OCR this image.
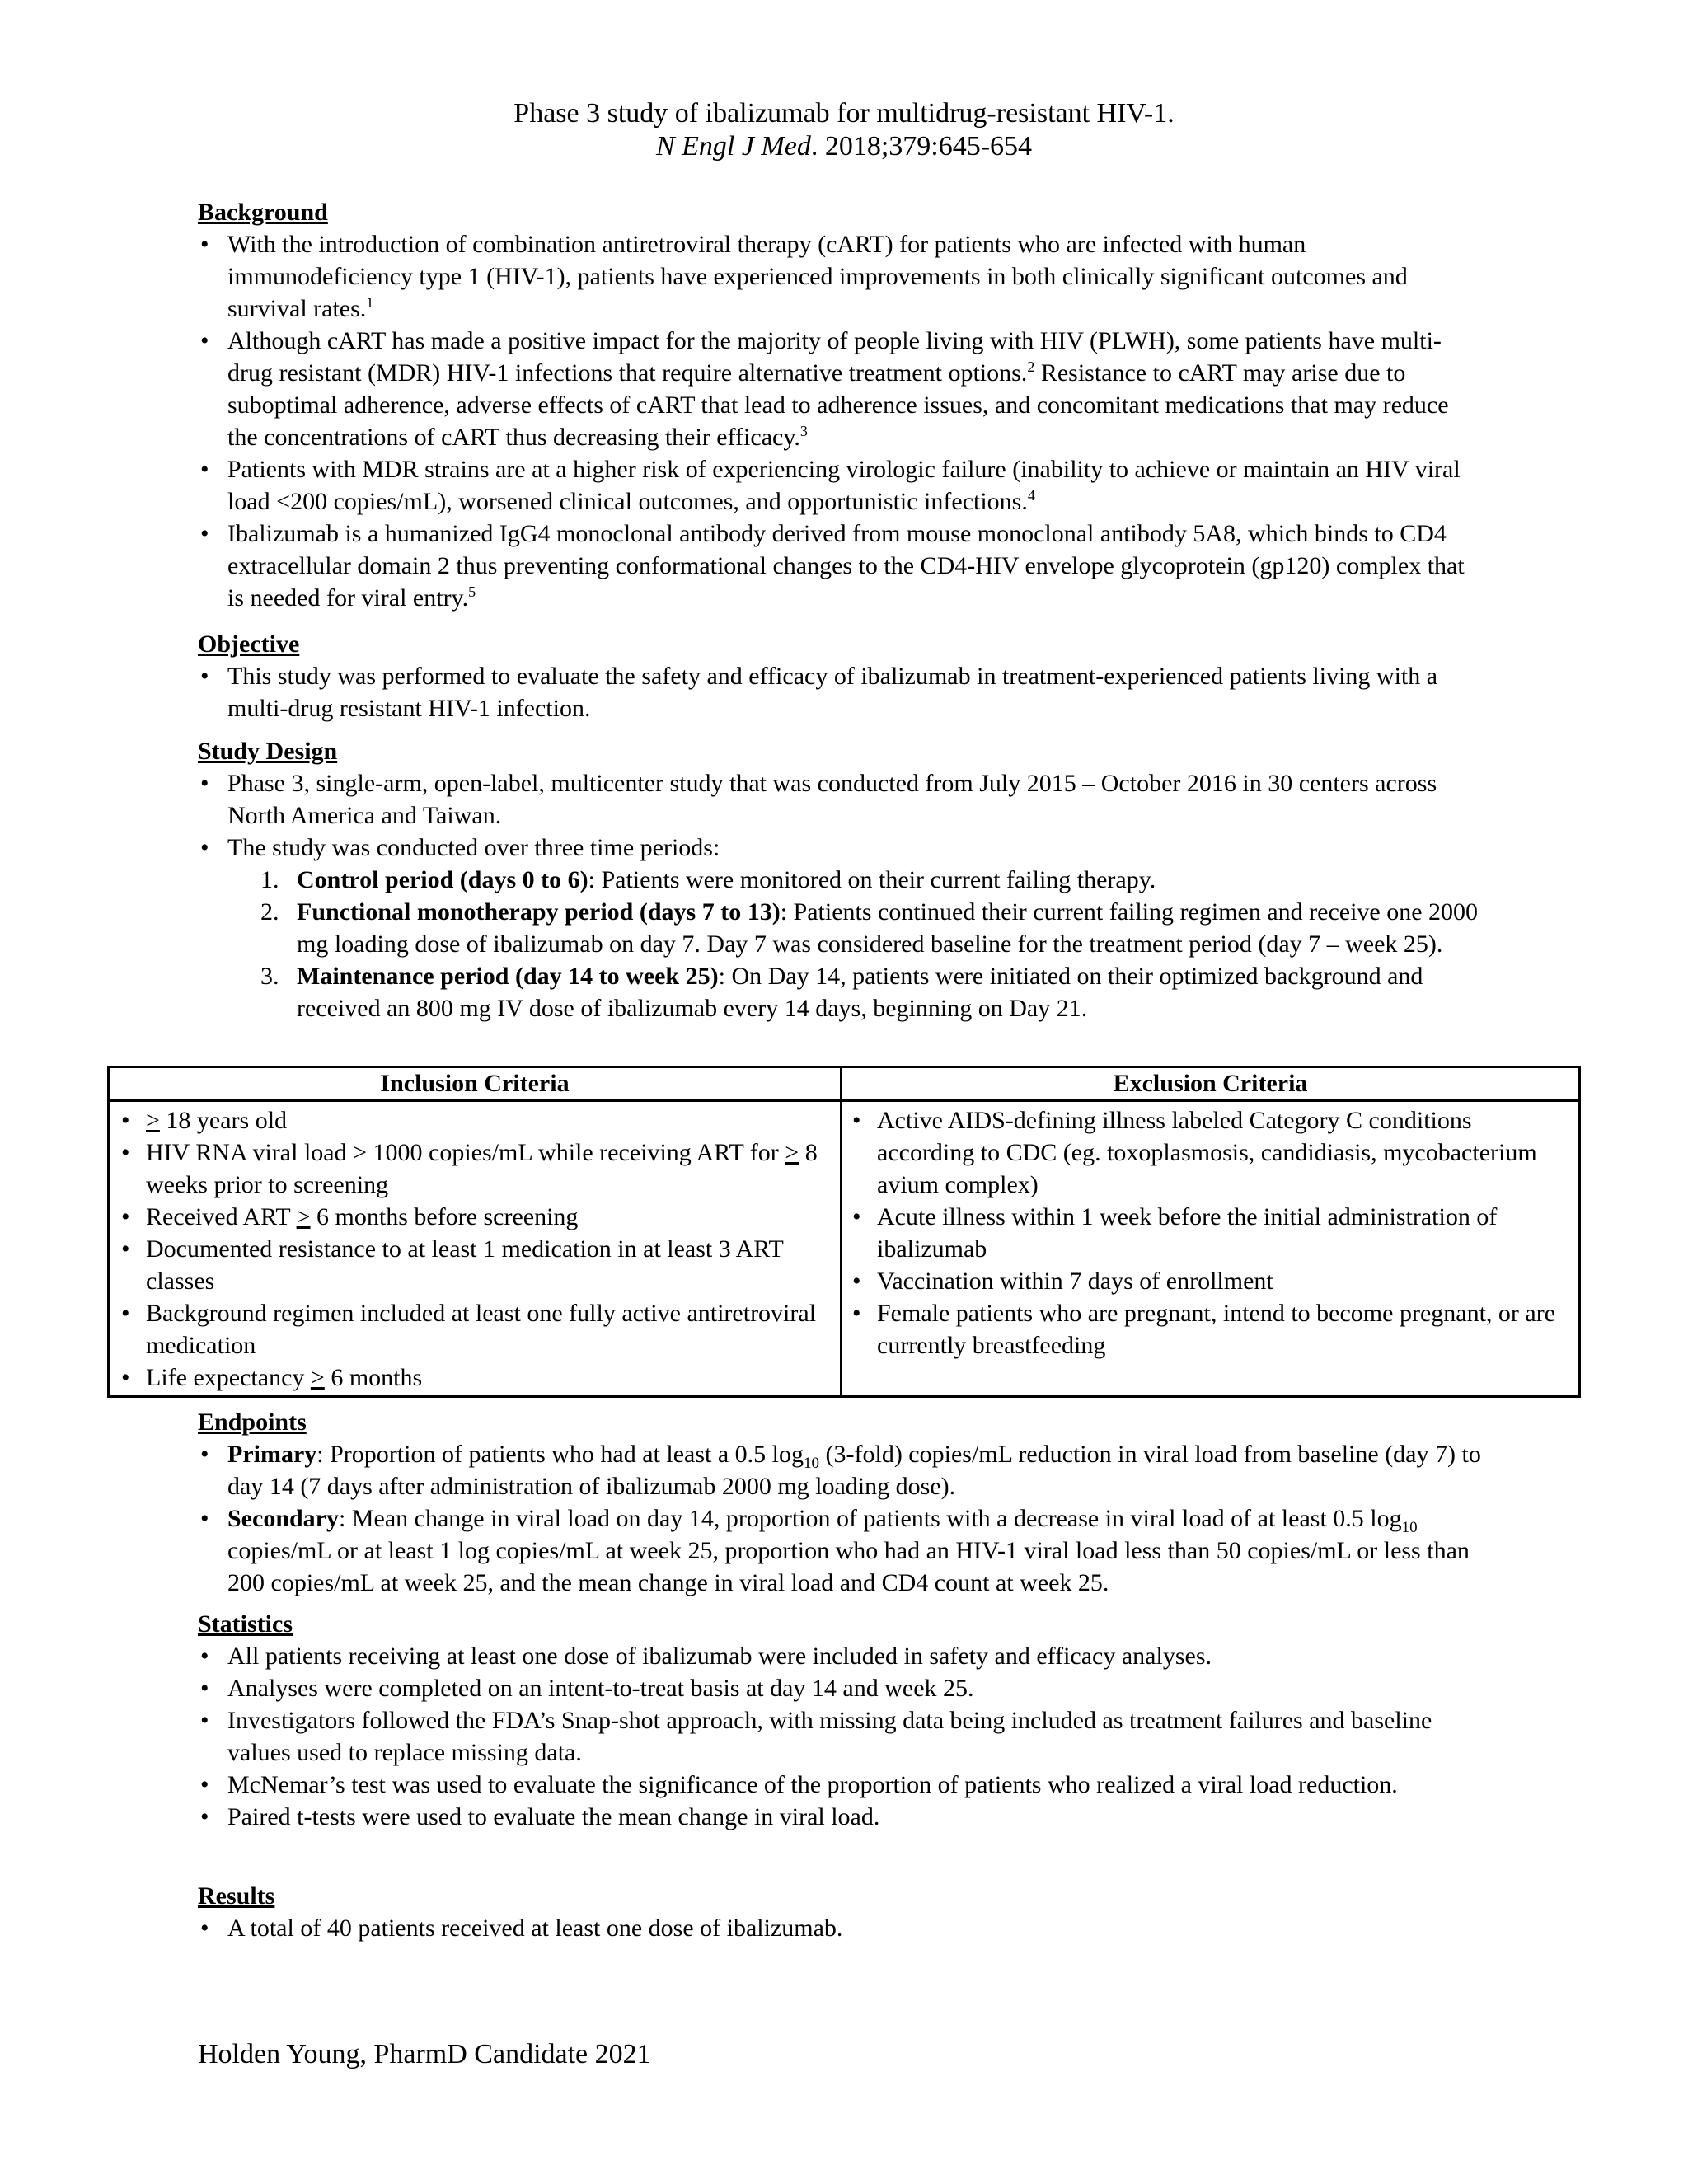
Phase 3 study of ibalizumab for multidrug-resistant HIV-1.
N Engl J Med. 2018;379:645-654
Background
• With the introduction of combination antiretroviral therapy (cART) for patients who are infected with human immunodeficiency type 1 (HIV-1), patients have experienced improvements in both clinically significant outcomes and survival rates.$^1$
• Although cART has made a positive impact for the majority of people living with HIV (PLWH), some patients have multi-drug resistant (MDR) HIV-1 infections that require alternative treatment options.$^2$ Resistance to cART may arise due to suboptimal adherence, adverse effects of cART that lead to adherence issues, and concomitant medications that may reduce the concentrations of cART thus decreasing their efficacy.$^3$
• Patients with MDR strains are at a higher risk of experiencing virologic failure (inability to achieve or maintain an HIV viral load <200 copies/mL), worsened clinical outcomes, and opportunistic infections.$^4$
• Ibalizumab is a humanized IgG4 monoclonal antibody derived from mouse monoclonal antibody 5A8, which binds to CD4 extracellular domain 2 thus preventing conformational changes to the CD4-HIV envelope glycoprotein (gp120) complex that is needed for viral entry.$^5$
Objective
• This study was performed to evaluate the safety and efficacy of ibalizumab in treatment-experienced patients living with a multi-drug resistant HIV-1 infection.
Study Design
• Phase 3, single-arm, open-label, multicenter study that was conducted from July 2015 – October 2016 in 30 centers across North America and Taiwan.
• The study was conducted over three time periods:
1. Control period (days 0 to 6): Patients were monitored on their current failing therapy.
2. Functional monotherapy period (days 7 to 13): Patients continued their current failing regimen and receive one 2000 mg loading dose of ibalizumab on day 7. Day 7 was considered baseline for the treatment period (day 7 – week 25).
3. Maintenance period (day 14 to week 25): On Day 14, patients were initiated on their optimized background and received an 800 mg IV dose of ibalizumab every 14 days, beginning on Day 21.
Inclusion Criteria	Exclusion Criteria
• > 18 years old
• HIV RNA viral load > 1000 copies/mL while receiving ART for > 8 weeks prior to screening
• Received ART > 6 months before screening
• Documented resistance to at least 1 medication in at least 3 ART classes
• Background regimen included at least one fully active antiretroviral medication
• Life expectancy > 6 months
• Active AIDS-defining illness labeled Category C conditions according to CDC (eg. toxoplasmosis, candidiasis, mycobacterium avium complex)
• Acute illness within 1 week before the initial administration of ibalizumab
• Vaccination within 7 days of enrollment
• Female patients who are pregnant, intend to become pregnant, or are currently breastfeeding
Endpoints
• Primary: Proportion of patients who had at least a 0.5 $\log_{10}$ (3-fold) copies/mL reduction in viral load from baseline (day 7) to day 14 (7 days after administration of ibalizumab 2000 mg loading dose).
• Secondary: Mean change in viral load on day 14, proportion of patients with a decrease in viral load of at least 0.5 $\log_{10}$ copies/mL or at least 1 log copies/mL at week 25, proportion who had an HIV-1 viral load less than 50 copies/mL or less than 200 copies/mL at week 25, and the mean change in viral load and CD4 count at week 25.
Statistics
• All patients receiving at least one dose of ibalizumab were included in safety and efficacy analyses.
• Analyses were completed on an intent-to-treat basis at day 14 and week 25.
• Investigators followed the FDA’s Snap-shot approach, with missing data being included as treatment failures and baseline values used to replace missing data.
• McNemar’s test was used to evaluate the significance of the proportion of patients who realized a viral load reduction.
• Paired t-tests were used to evaluate the mean change in viral load.
Results
• A total of 40 patients received at least one dose of ibalizumab.
Holden Young, PharmD Candidate 2021
